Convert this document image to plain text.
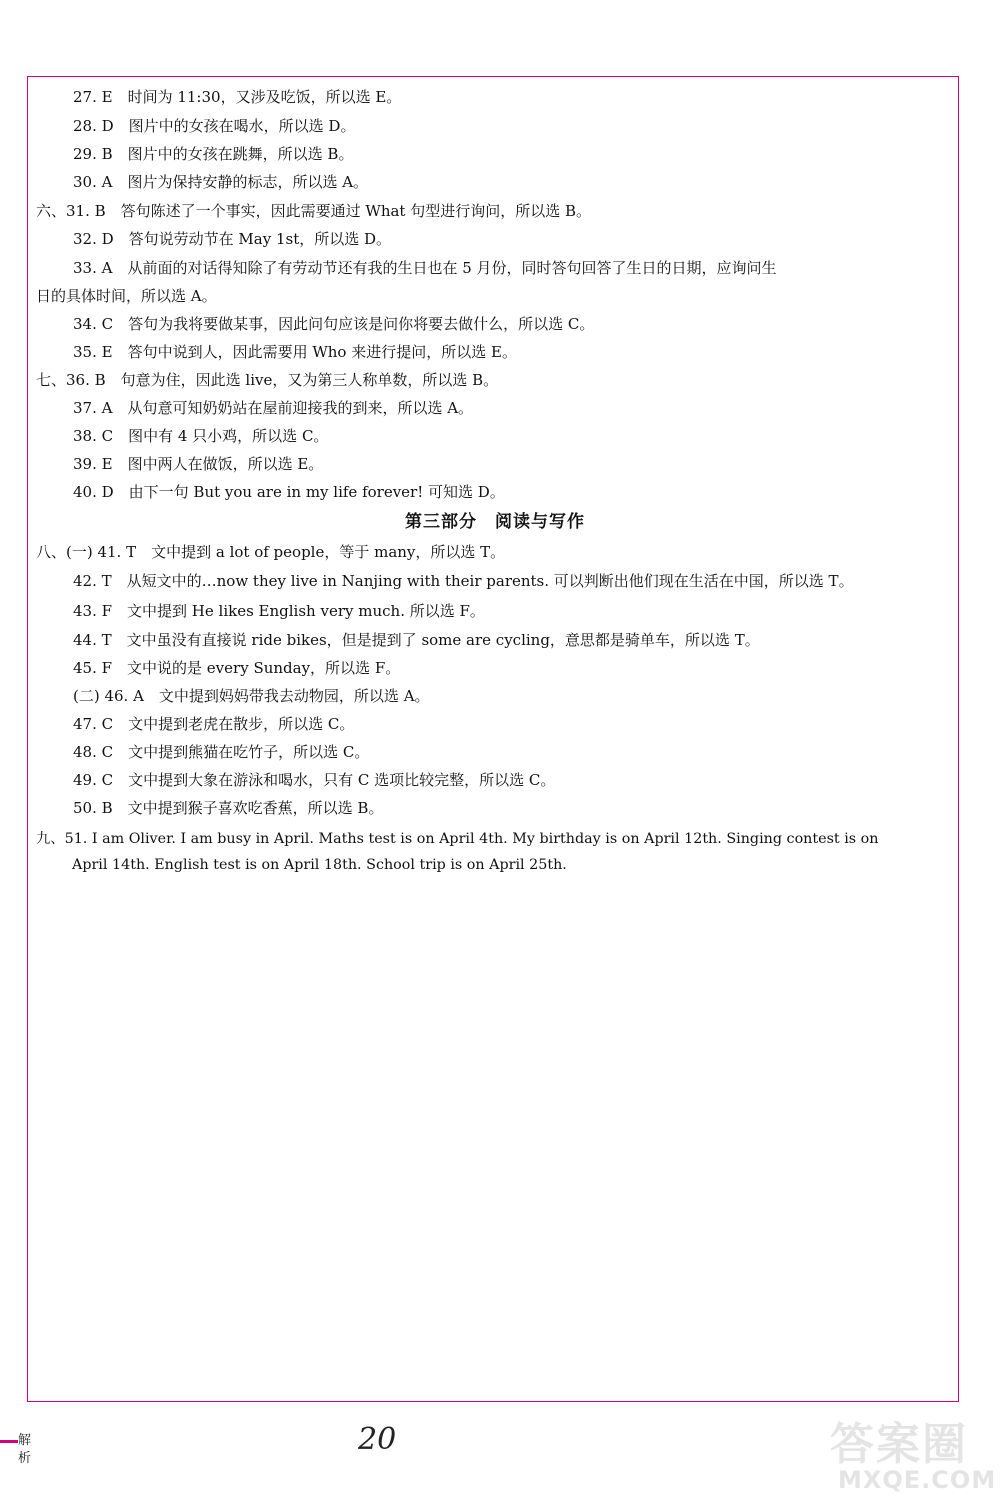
27. E　时间为 11:30，又涉及吃饭，所以选 E。
28. D　图片中的女孩在喝水，所以选 D。
29. B　图片中的女孩在跳舞，所以选 B。
30. A　图片为保持安静的标志，所以选 A。
六、31. B　答句陈述了一个事实，因此需要通过 What 句型进行询问，所以选 B。
32. D　答句说劳动节在 May 1st，所以选 D。
33. A　从前面的对话得知除了有劳动节还有我的生日也在 5 月份，同时答句回答了生日的日期，应询问生
日的具体时间，所以选 A。
34. C　答句为我将要做某事，因此问句应该是问你将要去做什么，所以选 C。
35. E　答句中说到人，因此需要用 Who 来进行提问，所以选 E。
七、36. B　句意为住，因此选 live，又为第三人称单数，所以选 B。
37. A　从句意可知奶奶站在屋前迎接我的到来，所以选 A。
38. C　图中有 4 只小鸡，所以选 C。
39. E　图中两人在做饭，所以选 E。
40. D　由下一句 But you are in my life forever! 可知选 D。
第三部分　阅读与写作
八、(一) 41. T　文中提到 a lot of people，等于 many，所以选 T。
42. T　从短文中的…now they live in Nanjing with their parents. 可以判断出他们现在生活在中国，所以选 T。
43. F　文中提到 He likes English very much. 所以选 F。
44. T　文中虽没有直接说 ride bikes，但是提到了 some are cycling，意思都是骑单车，所以选 T。
45. F　文中说的是 every Sunday，所以选 F。
(二) 46. A　文中提到妈妈带我去动物园，所以选 A。
47. C　文中提到老虎在散步，所以选 C。
48. C　文中提到熊猫在吃竹子，所以选 C。
49. C　文中提到大象在游泳和喝水，只有 C 选项比较完整，所以选 C。
50. B　文中提到猴子喜欢吃香蕉，所以选 B。
九、51. I am Oliver. I am busy in April. Maths test is on April 4th. My birthday is on April 12th. Singing contest is on
April 14th. English test is on April 18th. School trip is on April 25th.
解析
20	答案圈
MXQE.COM
